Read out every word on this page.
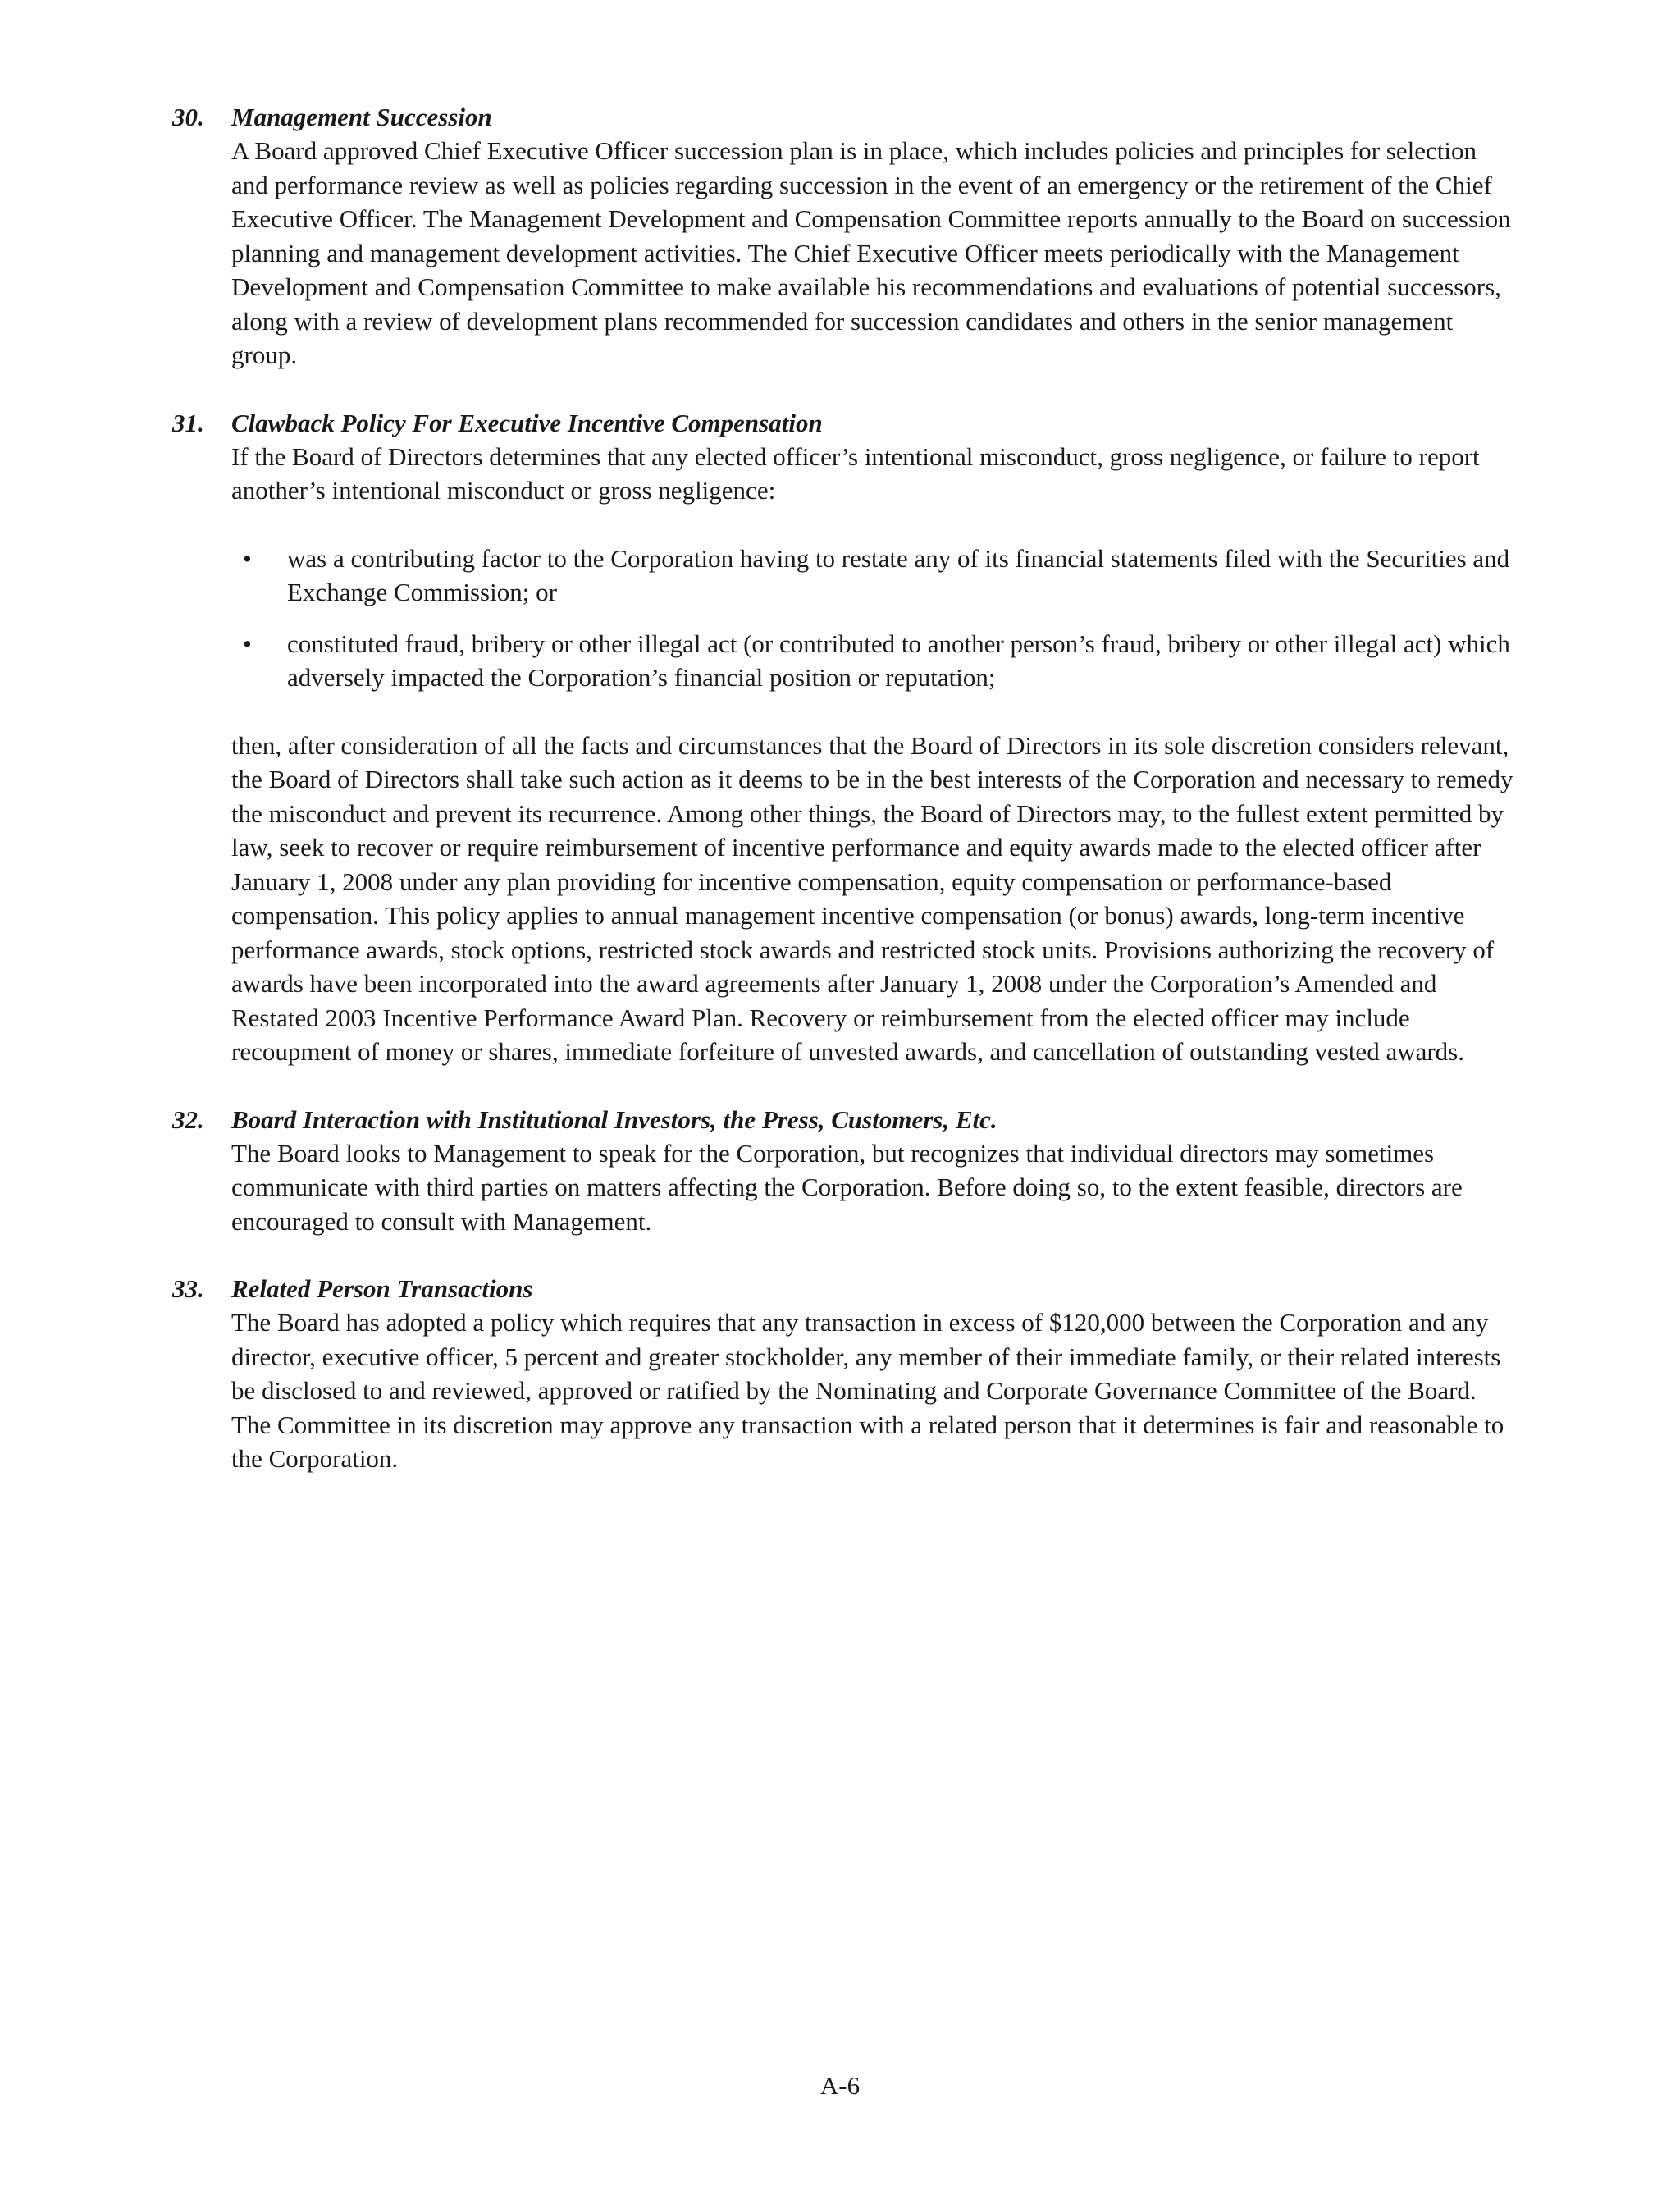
30.	Management Succession

A Board approved Chief Executive Officer succession plan is in place, which includes policies and principles for selection and performance review as well as policies regarding succession in the event of an emergency or the retirement of the Chief Executive Officer. The Management Development and Compensation Committee reports annually to the Board on succession planning and management development activities. The Chief Executive Officer meets periodically with the Management Development and Compensation Committee to make available his recommendations and evaluations of potential successors, along with a review of development plans recommended for succession candidates and others in the senior management group.

31.	Clawback Policy For Executive Incentive Compensation

If the Board of Directors determines that any elected officer’s intentional misconduct, gross negligence, or failure to report another’s intentional misconduct or gross negligence:

•	was a contributing factor to the Corporation having to restate any of its financial statements filed with the Securities and Exchange Commission; or
•	constituted fraud, bribery or other illegal act (or contributed to another person’s fraud, bribery or other illegal act) which adversely impacted the Corporation’s financial position or reputation;

then, after consideration of all the facts and circumstances that the Board of Directors in its sole discretion considers relevant, the Board of Directors shall take such action as it deems to be in the best interests of the Corporation and necessary to remedy the misconduct and prevent its recurrence. Among other things, the Board of Directors may, to the fullest extent permitted by law, seek to recover or require reimbursement of incentive performance and equity awards made to the elected officer after January 1, 2008 under any plan providing for incentive compensation, equity compensation or performance-based compensation. This policy applies to annual management incentive compensation (or bonus) awards, long-term incentive performance awards, stock options, restricted stock awards and restricted stock units. Provisions authorizing the recovery of awards have been incorporated into the award agreements after January 1, 2008 under the Corporation’s Amended and Restated 2003 Incentive Performance Award Plan. Recovery or reimbursement from the elected officer may include recoupment of money or shares, immediate forfeiture of unvested awards, and cancellation of outstanding vested awards.

32.	Board Interaction with Institutional Investors, the Press, Customers, Etc.

The Board looks to Management to speak for the Corporation, but recognizes that individual directors may sometimes communicate with third parties on matters affecting the Corporation. Before doing so, to the extent feasible, directors are encouraged to consult with Management.

33.	Related Person Transactions

The Board has adopted a policy which requires that any transaction in excess of $120,000 between the Corporation and any director, executive officer, 5 percent and greater stockholder, any member of their immediate family, or their related interests be disclosed to and reviewed, approved or ratified by the Nominating and Corporate Governance Committee of the Board. The Committee in its discretion may approve any transaction with a related person that it determines is fair and reasonable to the Corporation.

A-6
